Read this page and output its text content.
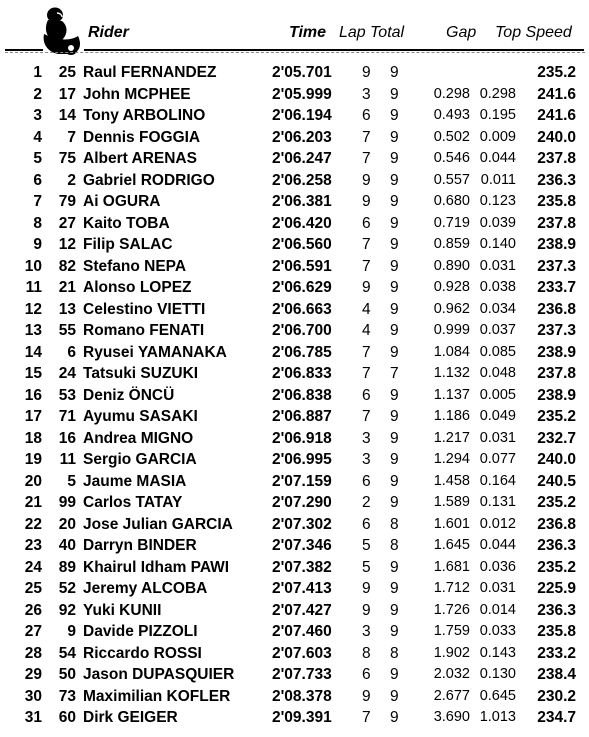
Rider	Time Lap Total	Gap Top Speed
1	25 Raul FERNANDEZ	2'05.701 9 9	235.2
2	17 John MCPHEE	2'05.999 3 9	0.298 0.298	241.6
3	14 Tony ARBOLINO	2'06.194 6 9	0.493 0.195	241.6
4	7 Dennis FOGGIA	2'06.203 7 9	0.502 0.009	240.0
5	75 Albert ARENAS	2'06.247 7 9	0.546 0.044	237.8
6	2 Gabriel RODRIGO	2'06.258 9 9	0.557 0.011	236.3
7	79 Ai OGURA	2'06.381 9 9	0.680 0.123	235.8
8	27 Kaito TOBA	2'06.420 6 9	0.719 0.039	237.8
9	12 Filip SALAC	2'06.560 7 9	0.859 0.140	238.9
10	82 Stefano NEPA	2'06.591 7 9	0.890 0.031	237.3
11	21 Alonso LOPEZ	2'06.629 9 9	0.928 0.038	233.7
12	13 Celestino VIETTI	2'06.663 4 9	0.962 0.034	236.8
13	55 Romano FENATI	2'06.700 4 9	0.999 0.037	237.3
14	6 Ryusei YAMANAKA	2'06.785 7 9	1.084 0.085	238.9
15	24 Tatsuki SUZUKI	2'06.833 7 7	1.132 0.048	237.8
16	53 Deniz ÖNCÜ	2'06.838 6 9	1.137 0.005	238.9
17	71 Ayumu SASAKI	2'06.887 7 9	1.186 0.049	235.2
18	16 Andrea MIGNO	2'06.918 3 9	1.217 0.031	232.7
19	11 Sergio GARCIA	2'06.995 3 9	1.294 0.077	240.0
20	5 Jaume MASIA	2'07.159 6 9	1.458 0.164	240.5
21	99 Carlos TATAY	2'07.290 2 9	1.589 0.131	235.2
22	20 Jose Julian GARCIA	2'07.302 6 8	1.601 0.012	236.8
23	40 Darryn BINDER	2'07.346 5 8	1.645 0.044	236.3
24	89 Khairul Idham PAWI	2'07.382 5 9	1.681 0.036	235.2
25	52 Jeremy ALCOBA	2'07.413 9 9	1.712 0.031	225.9
26	92 Yuki KUNII	2'07.427 9 9	1.726 0.014	236.3
27	9 Davide PIZZOLI	2'07.460 3 9	1.759 0.033	235.8
28	54 Riccardo ROSSI	2'07.603 8 8	1.902 0.143	233.2
29	50 Jason DUPASQUIER 2'07.733 6 9	2.032 0.130	238.4
30	73 Maximilian KOFLER	2'08.378 9 9	2.677 0.645	230.2
31	60 Dirk GEIGER	2'09.391 7 9	3.690 1.013	234.7
